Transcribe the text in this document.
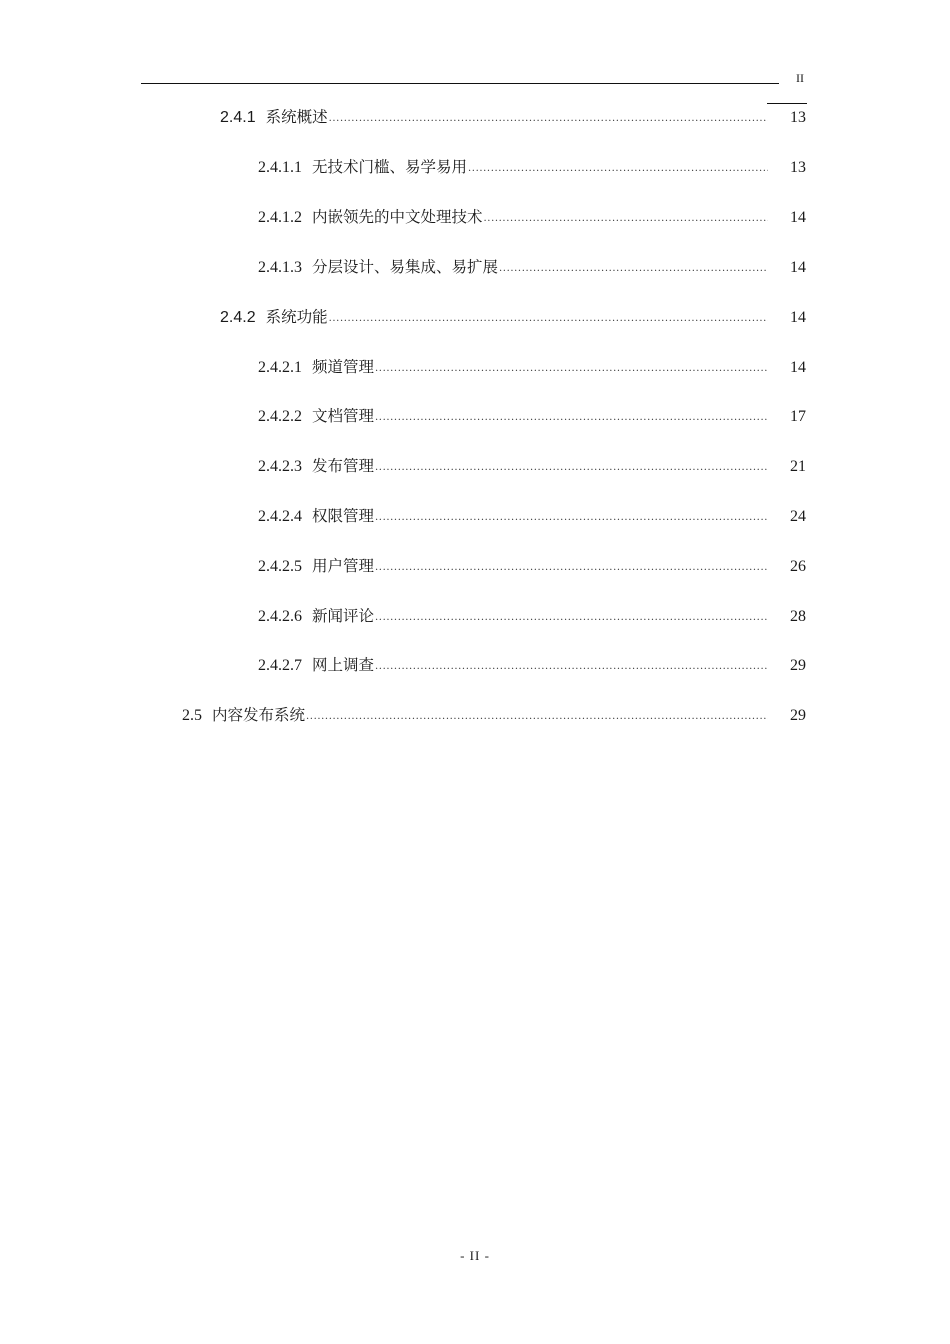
II
2.4.1 系统概述 .....	13
2.4.1.1 无技术门槛、易学易用 .....	13
2.4.1.2 内嵌领先的中文处理技术 .....	14
2.4.1.3 分层设计、易集成、易扩展 .....	14
2.4.2 系统功能 .....	14
2.4.2.1 频道管理 .....	14
2.4.2.2 文档管理 .....	17
2.4.2.3 发布管理 .....	21
2.4.2.4 权限管理 .....	24
2.4.2.5 用户管理 .....	26
2.4.2.6 新闻评论 .....	28
2.4.2.7 网上调查 .....	29
2.5 内容发布系统 .....	29
- II -
